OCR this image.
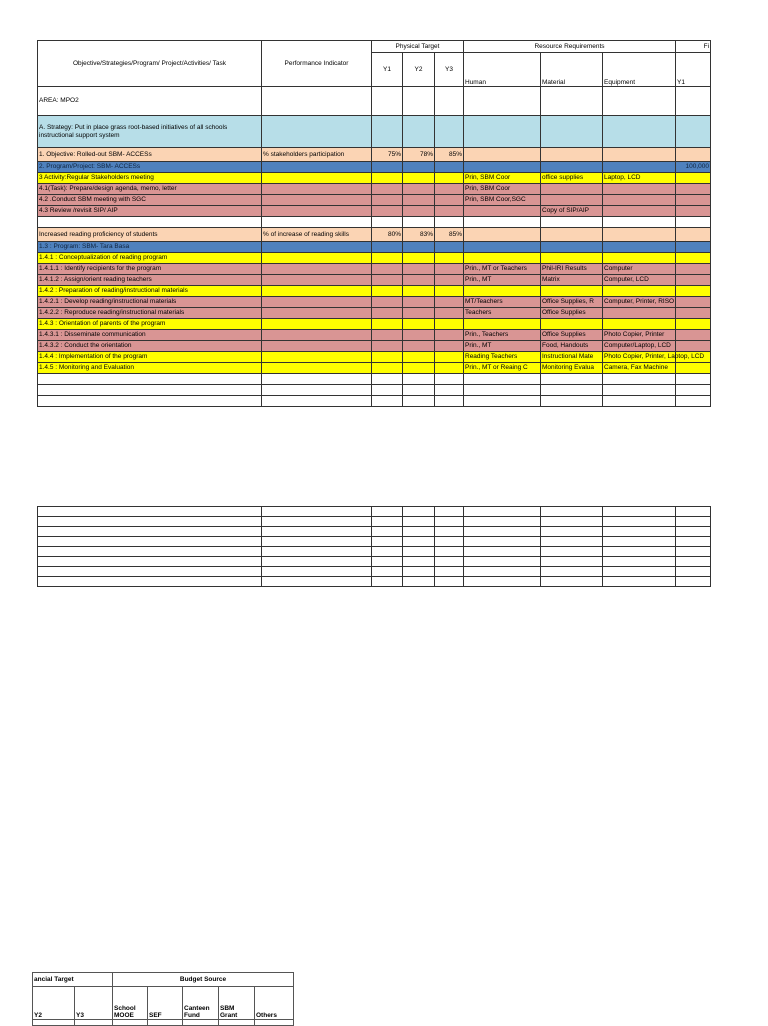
Objective/Strategies/Program/ Project/Activities/ Task	Performance Indicator	Physical Target			Resource Requirements			Fi
		Y1	Y2	Y3	Human	Material	Equipment	Y1
AREA: MPO2								
A. Strategy: Put in place grass root-based initiatives of all schools instructional support system								
1. Objective: Rolled-out SBM- ACCESs	% stakeholders participation	75%	78%	85%				
2. Program/Project: SBM- ACCESs								100,000
3 Activity:Regular Stakeholders meeting					Prin, SBM Coor	office supplies	Laptop, LCD	
4.1(Task): Prepare/design agenda, memo, letter					Prin, SBM Coor			
4.2 .Conduct SBM meeting with SGC					Prin, SBM Coor,SGC			
4.3 Review /revisit SIP/ AIP						Copy of SIP/AIP		

Increased reading proficiency of students	% of increase of reading skills	80%	83%	85%				
1.3 : Program: SBM- Tara Basa								
1.4.1 : Conceptualization of reading program								
1.4.1.1 : Identify recipients for the program					Prin., MT or Teachers	Phil-IRI Results	Computer	
1.4.1.2 : Assign/orient reading teachers					Prin., MT	Matrix	Computer, LCD	
1.4.2 : Preparation of reading/instructional materials								
1.4.2.1 : Develop reading/instructional materials					MT/Teachers	Office Supplies, R	Computer, Printer, RISO	
1.4.2.2 : Reproduce reading/instructional materials					Teachers	Office Supplies		
1.4.3 : Orientation of parents of the program								
1.4.3.1 : Disseminate communication					Prin., Teachers	Office Supplies	Photo Copier, Printer	
1.4.3.2 : Conduct the orientation					Prin., MT	Food, Handouts	Computer/Laptop, LCD	
1.4.4 : Implementation of the program					Reading Teachers	Instructional Mate	Photo Copier, Printer, Laptop, LCD	
1.4.5 : Monitoring and Evaluation					Prin., MT or Reaing C	Monitoring Evalua	Camera, Fax Machine	

ancial Target		Budget Source				
Y2	Y3	School MOOE	SEF	Canteen Fund	SBM Grant	Others
